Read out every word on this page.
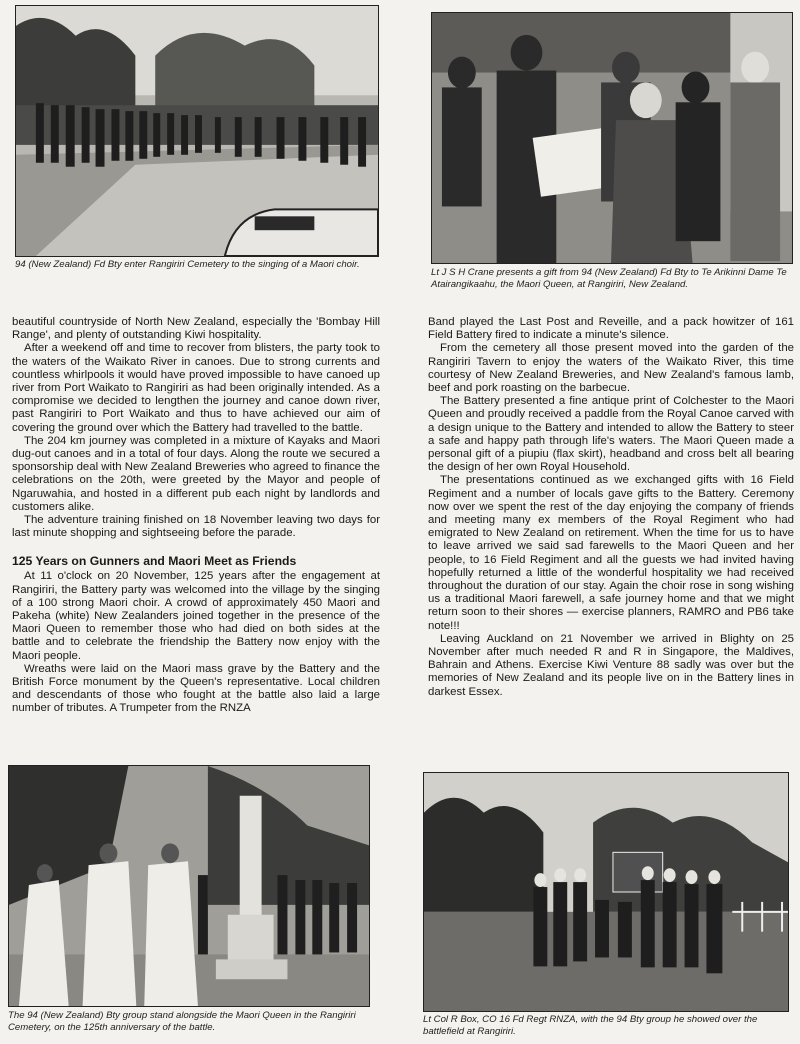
94 (New Zealand) Fd Bty enter Rangiriri Cemetery to the singing of a Maori choir.

Lt J S H Crane presents a gift from 94 (New Zealand) Fd Bty to Te Arikinni Dame Te Atairangikaahu, the Maori Queen, at Rangiriri, New Zealand.

beautiful countryside of North New Zealand, especially the 'Bombay Hill Range', and plenty of outstanding Kiwi hospitality.

After a weekend off and time to recover from blisters, the party took to the waters of the Waikato River in canoes. Due to strong currents and countless whirlpools it would have proved impossible to have canoed up river from Port Waikato to Rangiriri as had been originally intended. As a compromise we decided to lengthen the journey and canoe down river, past Rangiriri to Port Waikato and thus to have achieved our aim of covering the ground over which the Battery had travelled to the battle.

The 204 km journey was completed in a mixture of Kayaks and Maori dug-out canoes and in a total of four days. Along the route we secured a sponsorship deal with New Zealand Breweries who agreed to finance the celebrations on the 20th, were greeted by the Mayor and people of Ngaruwahia, and hosted in a different pub each night by landlords and customers alike.

The adventure training finished on 18 November leaving two days for last minute shopping and sightseeing before the parade.

125 Years on Gunners and Maori Meet as Friends

At 11 o'clock on 20 November, 125 years after the engagement at Rangiriri, the Battery party was welcomed into the village by the singing of a 100 strong Maori choir. A crowd of approximately 450 Maori and Pakeha (white) New Zealanders joined together in the presence of the Maori Queen to remember those who had died on both sides at the battle and to celebrate the friendship the Battery now enjoy with the Maori people.

Wreaths were laid on the Maori mass grave by the Battery and the British Force monument by the Queen's representative. Local children and descendants of those who fought at the battle also laid a large number of tributes. A Trumpeter from the RNZA

Band played the Last Post and Reveille, and a pack howitzer of 161 Field Battery fired to indicate a minute's silence.

From the cemetery all those present moved into the garden of the Rangiriri Tavern to enjoy the waters of the Waikato River, this time courtesy of New Zealand Breweries, and New Zealand's famous lamb, beef and pork roasting on the barbecue.

The Battery presented a fine antique print of Colchester to the Maori Queen and proudly received a paddle from the Royal Canoe carved with a design unique to the Battery and intended to allow the Battery to steer a safe and happy path through life's waters. The Maori Queen made a personal gift of a piupiu (flax skirt), headband and cross belt all bearing the design of her own Royal Household.

The presentations continued as we exchanged gifts with 16 Field Regiment and a number of locals gave gifts to the Battery. Ceremony now over we spent the rest of the day enjoying the company of friends and meeting many ex members of the Royal Regiment who had emigrated to New Zealand on retirement. When the time for us to have to leave arrived we said sad farewells to the Maori Queen and her people, to 16 Field Regiment and all the guests we had invited having hopefully returned a little of the wonderful hospitality we had received throughout the duration of our stay. Again the choir rose in song wishing us a traditional Maori farewell, a safe journey home and that we might return soon to their shores — exercise planners, RAMRO and PB6 take note!!!

Leaving Auckland on 21 November we arrived in Blighty on 25 November after much needed R and R in Singapore, the Maldives, Bahrain and Athens. Exercise Kiwi Venture 88 sadly was over but the memories of New Zealand and its people live on in the Battery lines in darkest Essex.

The 94 (New Zealand) Bty group stand alongside the Maori Queen in the Rangiriri Cemetery, on the 125th anniversary of the battle.

Lt Col R Box, CO 16 Fd Regt RNZA, with the 94 Bty group he showed over the battlefield at Rangiriri.
